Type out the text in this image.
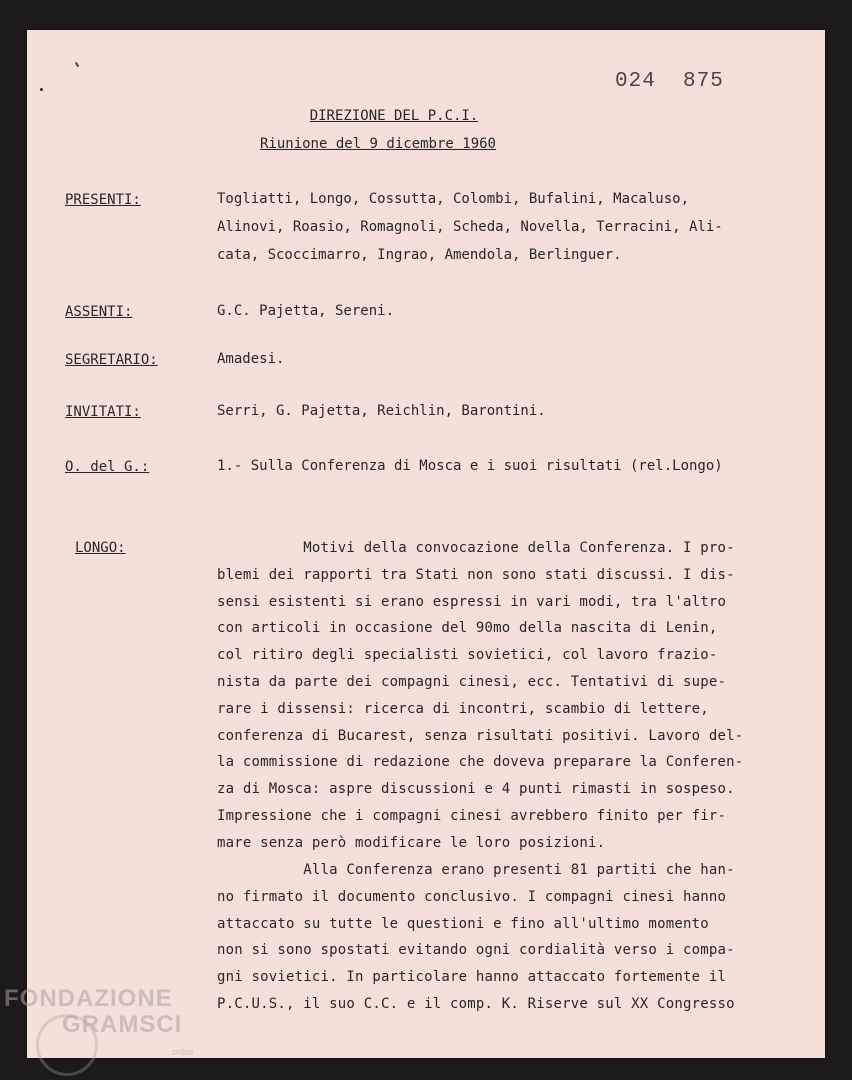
024  875
DIREZIONE DEL P.C.I.
Riunione del 9 dicembre 1960
PRESENTI:	Togliatti, Longo, Cossutta, Colombi, Bufalini, Macaluso,
Alinovi, Roasio, Romagnoli, Scheda, Novella, Terracini, Ali-
cata, Scoccimarro, Ingrao, Amendola, Berlinguer.
ASSENTI:	G.C. Pajetta, Sereni.
SEGRETARIO:	Amadesi.
INVITATI:	Serri, G. Pajetta, Reichlin, Barontini.
O. del G.:	1.- Sulla Conferenza di Mosca e i suoi risultati (rel.Longo)
LONGO:	Motivi della convocazione della Conferenza. I pro-
blemi dei rapporti tra Stati non sono stati discussi. I dis-
sensi esistenti si erano espressi in vari modi, tra l'altro
con articoli in occasione del 90mo della nascita di Lenin,
col ritiro degli specialisti sovietici, col lavoro frazio-
nista da parte dei compagni cinesi, ecc. Tentativi di supe-
rare i dissensi: ricerca di incontri, scambio di lettere,
conferenza di Bucarest, senza risultati positivi. Lavoro del-
la commissione di redazione che doveva preparare la Conferen-
za di Mosca: aspre discussioni e 4 punti rimasti in sospeso.
Impressione che i compagni cinesi avrebbero finito per fir-
mare senza però modificare le loro posizioni.
Alla Conferenza erano presenti 81 partiti che han-
no firmato il documento conclusivo. I compagni cinesi hanno
attaccato su tutte le questioni e fino all'ultimo momento
non si sono spostati evitando ogni cordialità verso i compa-
gni sovietici. In particolare hanno attaccato fortemente il
P.C.U.S., il suo C.C. e il comp. K. Riserve sul XX Congresso
FONDAZIONE
GRAMSCI
onlus
